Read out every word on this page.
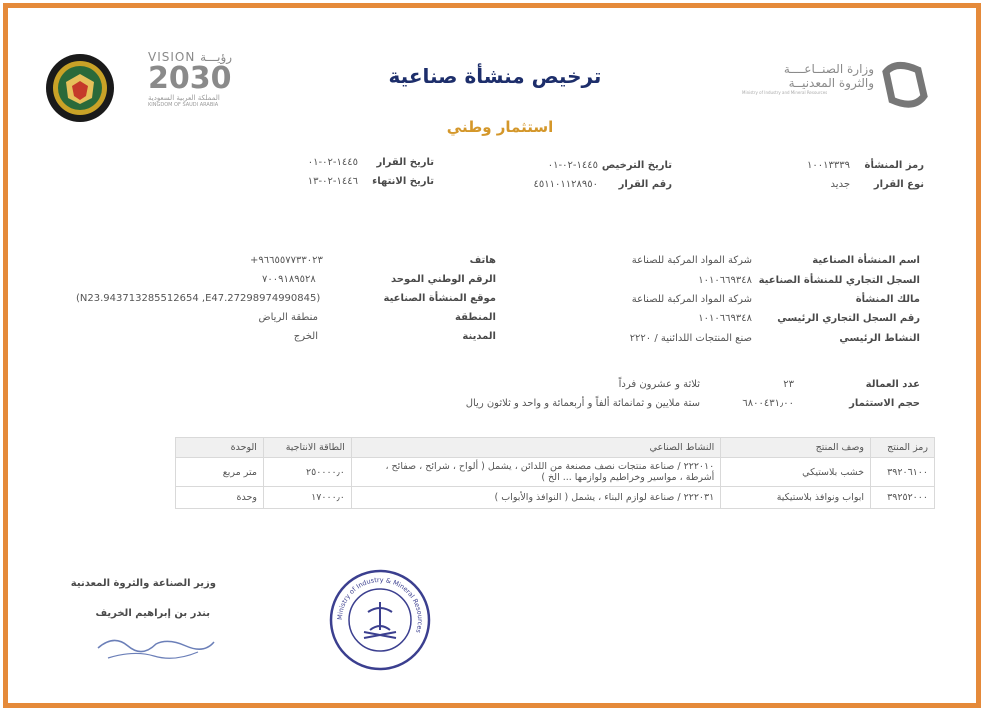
VISION رؤيـــة
2030
المملكة العربية السعودية
KINGDOM OF SAUDI ARABIA
وزارة الصنــاعــــة
والثروة المعدنيــة
Ministry of Industry and Mineral Resources
ترخيص منشأة صناعية
استثمار وطني
رمز المنشأة
١٠٠١٣٣٣٩
نوع القرار
جديد
تاريخ الترخيص
١٤٤٥-٠٢-٠١
رقم القرار
٤٥١١٠١١٢٨٩٥٠
تاريخ القرار
١٤٤٥-٠٢-٠١
تاريخ الانتهاء
١٤٤٦-٠٢-١٣
اسم المنشأة الصناعية
شركة المواد المركبة للصناعة
السجل التجاري للمنشأة الصناعية
١٠١٠٦٦٩٣٤٨
مالك المنشأة
شركة المواد المركبة للصناعة
رقم السجل التجاري الرئيسي
١٠١٠٦٦٩٣٤٨
النشاط الرئيسي
صنع المنتجات اللدائنية / ٢٢٢٠
هاتف
+٩٦٦٥٥٧٧٣٣٠٢٣
الرقم الوطني الموحد
٧٠٠٩١٨٩٥٢٨
موقع المنشأة الصناعية
(N23.943713285512654 ,E47.27298974990845)
المنطقة
منطقة الرياض
المدينة
الخرج
عدد العمالة
٢٣
ثلاثة و عشرون فرداً
حجم الاستثمار
٦٨٠٠٤٣١٫٠٠
ستة ملايين و ثمانمائة ألفاً و أربعمائة و واحد و ثلاثون ريال
رمز المنتج	وصف المنتج	النشاط الصناعي	الطاقة الانتاجية	الوحدة
٣٩٢٠٦١٠٠	خشب بلاستيكي	٢٢٢٠١٠ / صناعة منتجات نصف مصنعة من اللدائن ، يشمل ( ألواح ، شرائح ، صفائح ، أشرطة ، مواسير وخراطيم ولوازمها ... الخ )	٢٥٠٠٠٠٫٠	متر مربع
٣٩٢٥٢٠٠٠	ابواب ونوافذ بلاستيكية	٢٢٢٠٣١ / صناعة لوازم البناء ، يشمل ( النوافذ والأبواب )	١٧٠٠٠٫٠	وحدة
Ministry of Industry & Mineral Resources
وزير الصناعة والثروة المعدنية
بندر بن إبراهيم الخريف
